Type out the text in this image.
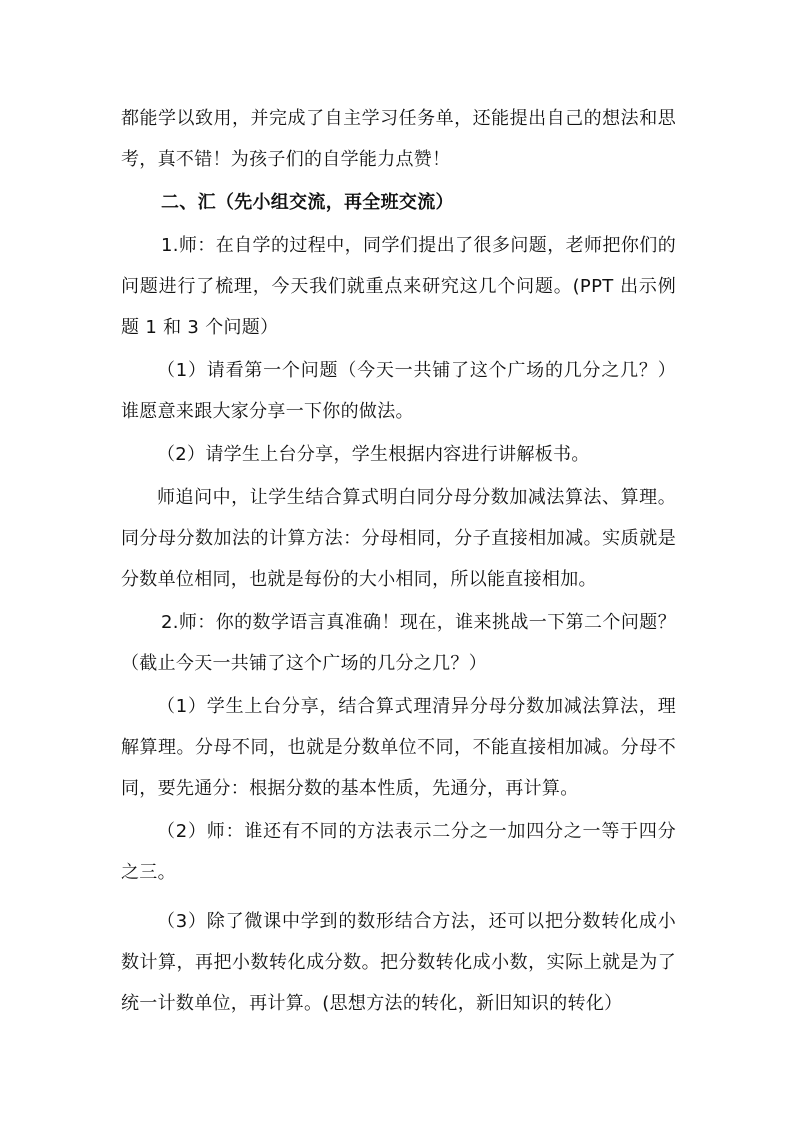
都能学以致用，并完成了自主学习任务单，还能提出自己的想法和思考，真不错！为孩子们的自学能力点赞！

二、汇（先小组交流，再全班交流）

1.师：在自学的过程中，同学们提出了很多问题，老师把你们的问题进行了梳理，今天我们就重点来研究这几个问题。(PPT 出示例题 1 和 3 个问题）

（1）请看第一个问题（今天一共铺了这个广场的几分之几？）谁愿意来跟大家分享一下你的做法。

（2）请学生上台分享，学生根据内容进行讲解板书。

师追问中，让学生结合算式明白同分母分数加减法算法、算理。同分母分数加法的计算方法：分母相同，分子直接相加减。实质就是分数单位相同，也就是每份的大小相同，所以能直接相加。

2.师：你的数学语言真准确！现在，谁来挑战一下第二个问题？（截止今天一共铺了这个广场的几分之几？）

（1）学生上台分享，结合算式理清异分母分数加减法算法，理解算理。分母不同，也就是分数单位不同，不能直接相加减。分母不同，要先通分：根据分数的基本性质，先通分，再计算。

（2）师：谁还有不同的方法表示二分之一加四分之一等于四分之三。

（3）除了微课中学到的数形结合方法，还可以把分数转化成小数计算，再把小数转化成分数。把分数转化成小数，实际上就是为了统一计数单位，再计算。(思想方法的转化，新旧知识的转化）
